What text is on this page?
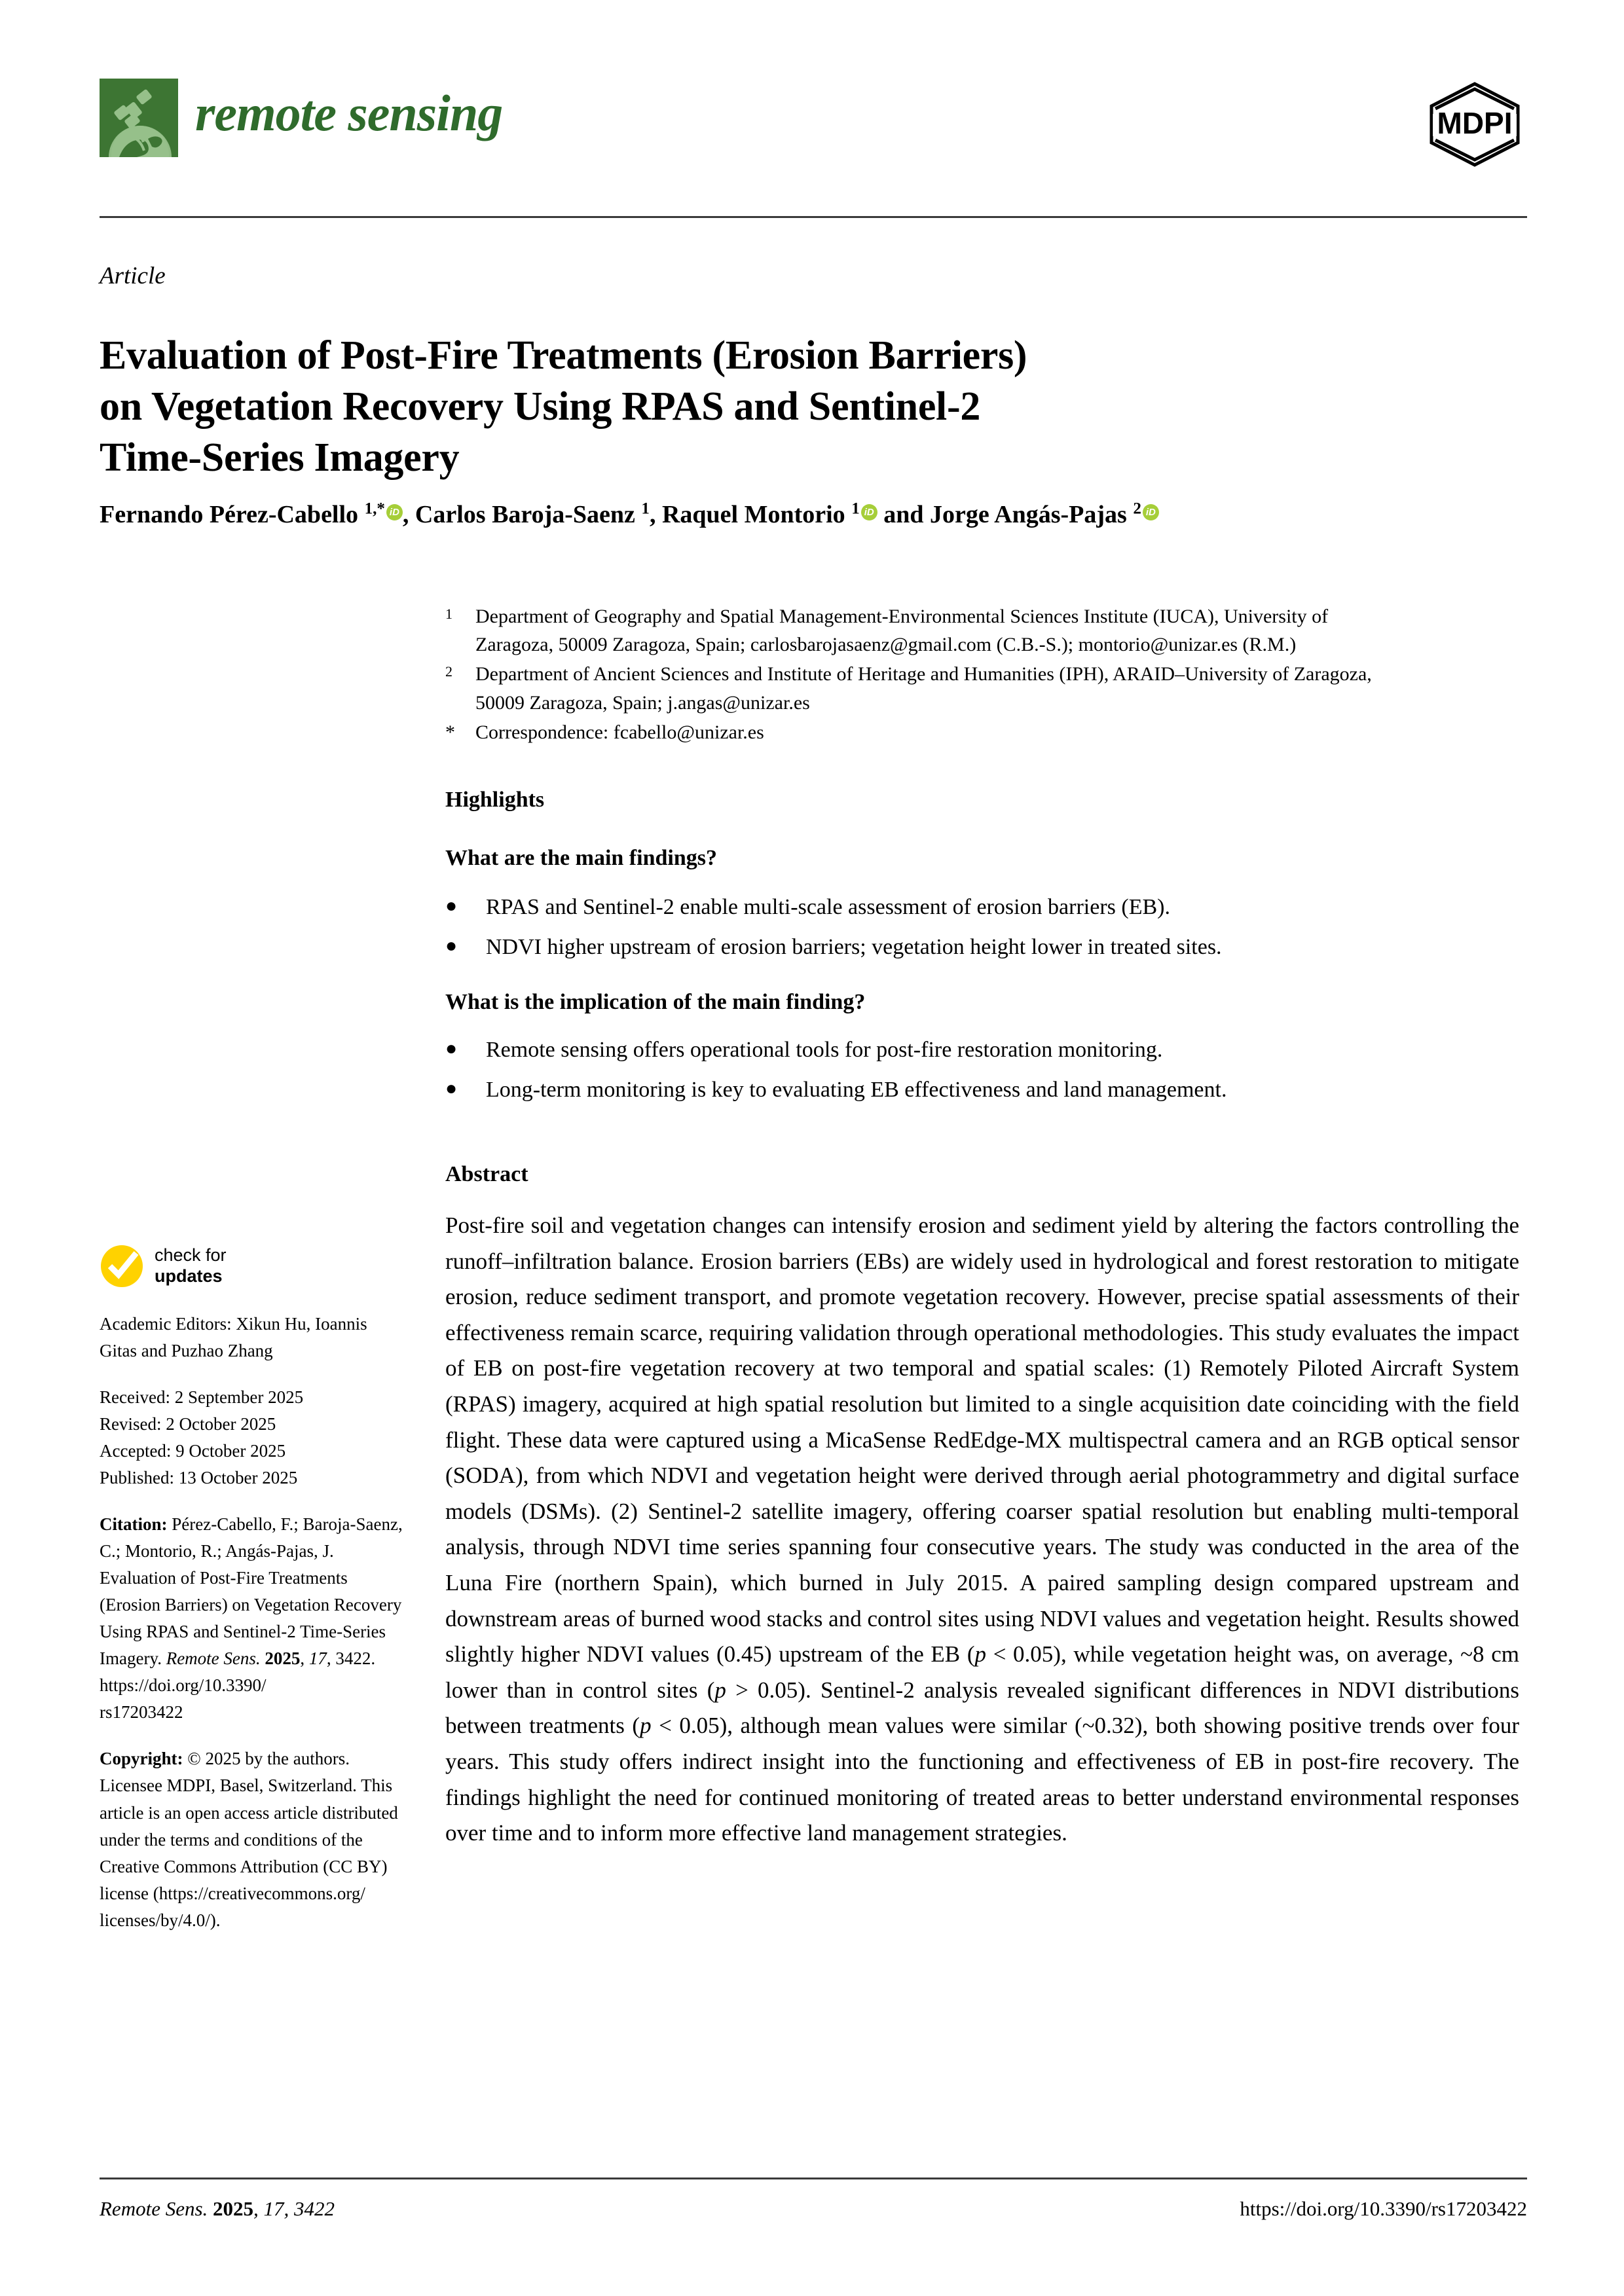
remote sensing	MDPI
Article
Evaluation of Post-Fire Treatments (Erosion Barriers)
on Vegetation Recovery Using RPAS and Sentinel-2
Time-Series Imagery
Fernando Pérez-Cabello $^{1,*}$ iD , Carlos Baroja-Saenz $^1$, Raquel Montorio $^1$ iD and Jorge Angás-Pajas $^2$ iD
1	Department of Geography and Spatial Management-Environmental Sciences Institute (IUCA), University of Zaragoza, 50009 Zaragoza, Spain; carlosbarojasaenz@gmail.com (C.B.-S.); montorio@unizar.es (R.M.)
2	Department of Ancient Sciences and Institute of Heritage and Humanities (IPH), ARAID–University of Zaragoza, 50009 Zaragoza, Spain; j.angas@unizar.es
*	Correspondence: fcabello@unizar.es
Highlights
What are the main findings?
●	RPAS and Sentinel-2 enable multi-scale assessment of erosion barriers (EB).
●	NDVI higher upstream of erosion barriers; vegetation height lower in treated sites.
What is the implication of the main finding?
●	Remote sensing offers operational tools for post-fire restoration monitoring.
●	Long-term monitoring is key to evaluating EB effectiveness and land management.
Abstract
Post-fire soil and vegetation changes can intensify erosion and sediment yield by altering the factors controlling the runoff–infiltration balance. Erosion barriers (EBs) are widely used in hydrological and forest restoration to mitigate erosion, reduce sediment transport, and promote vegetation recovery. However, precise spatial assessments of their effectiveness remain scarce, requiring validation through operational methodologies. This study evaluates the impact of EB on post-fire vegetation recovery at two temporal and spatial scales: (1) Remotely Piloted Aircraft System (RPAS) imagery, acquired at high spatial resolution but limited to a single acquisition date coinciding with the field flight. These data were captured using a MicaSense RedEdge-MX multispectral camera and an RGB optical sensor (SODA), from which NDVI and vegetation height were derived through aerial photogrammetry and digital surface models (DSMs). (2) Sentinel-2 satellite imagery, offering coarser spatial resolution but enabling multi-temporal analysis, through NDVI time series spanning four consecutive years. The study was conducted in the area of the Luna Fire (northern Spain), which burned in July 2015. A paired sampling design compared upstream and downstream areas of burned wood stacks and control sites using NDVI values and vegetation height. Results showed slightly higher NDVI values (0.45) upstream of the EB (p < 0.05), while vegetation height was, on average, ~8 cm lower than in control sites (p > 0.05). Sentinel-2 analysis revealed significant differences in NDVI distributions between treatments (p < 0.05), although mean values were similar (~0.32), both showing positive trends over four years. This study offers indirect insight into the functioning and effectiveness of EB in post-fire recovery. The findings highlight the need for continued monitoring of treated areas to better understand environmental responses over time and to inform more effective land management strategies.
check for
updates
Academic Editors: Xikun Hu, Ioannis Gitas and Puzhao Zhang
Received: 2 September 2025
Revised: 2 October 2025
Accepted: 9 October 2025
Published: 13 October 2025
Citation: Pérez-Cabello, F.; Baroja-Saenz, C.; Montorio, R.; Angás-Pajas, J. Evaluation of Post-Fire Treatments (Erosion Barriers) on Vegetation Recovery Using RPAS and Sentinel-2 Time-Series Imagery. Remote Sens. 2025, 17, 3422.
https://doi.org/10.3390/
rs17203422
Copyright: © 2025 by the authors. Licensee MDPI, Basel, Switzerland. This article is an open access article distributed under the terms and conditions of the Creative Commons Attribution (CC BY) license (https://creativecommons.org/ licenses/by/4.0/).
Remote Sens. 2025, 17, 3422	https://doi.org/10.3390/rs17203422
